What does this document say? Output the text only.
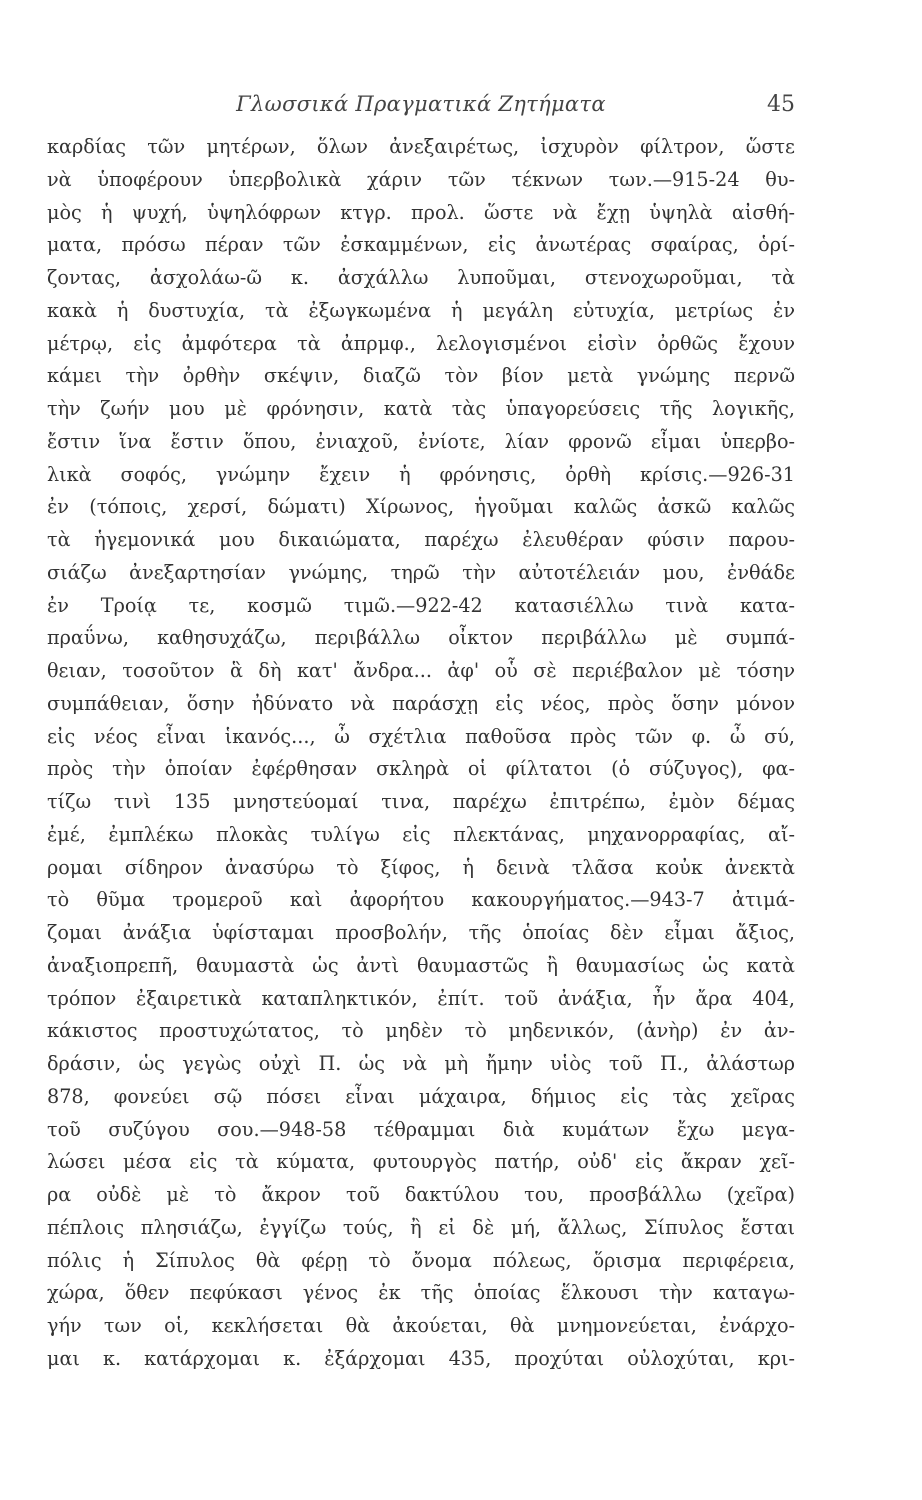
Γλωσσικά Πραγματικά Ζητήματα	45
καρδίας τῶν μητέρων, ὅλων ἀνεξαιρέτως, ἰσχυρὸν φίλτρον, ὥστε
νὰ ὑποφέρουν ὑπερβολικὰ χάριν τῶν τέκνων των.—915-24 θυ-
μὸς ἡ ψυχή, ὑψηλόφρων κτγρ. προλ. ὥστε νὰ ἔχῃ ὑψηλὰ αἰσθή-
ματα, πρόσω πέραν τῶν ἐσκαμμένων, εἰς ἀνωτέρας σφαίρας, ὁρί-
ζοντας, ἀσχολάω-ῶ κ. ἀσχάλλω λυποῦμαι, στενοχωροῦμαι, τὰ
κακὰ ἡ δυστυχία, τὰ ἐξωγκωμένα ἡ μεγάλη εὐτυχία, μετρίως ἐν
μέτρῳ, εἰς ἀμφότερα τὰ ἀπρμφ., λελογισμένοι εἰσὶν ὀρθῶς ἔχουν
κάμει τὴν ὀρθὴν σκέψιν, διαζῶ τὸν βίον μετὰ γνώμης περνῶ
τὴν ζωήν μου μὲ φρόνησιν, κατὰ τὰς ὑπαγορεύσεις τῆς λογικῆς,
ἔστιν ἵνα ἔστιν ὅπου, ἐνιαχοῦ, ἐνίοτε, λίαν φρονῶ εἶμαι ὑπερβο-
λικὰ σοφός, γνώμην ἔχειν ἡ φρόνησις, ὀρθὴ κρίσις.—926-31
ἐν (τόποις, χερσί, δώματι) Χίρωνος, ἡγοῦμαι καλῶς ἀσκῶ καλῶς
τὰ ἡγεμονικά μου δικαιώματα, παρέχω ἐλευθέραν φύσιν παρου-
σιάζω ἀνεξαρτησίαν γνώμης, τηρῶ τὴν αὐτοτέλειάν μου, ἐνθάδε
ἐν Τροίᾳ τε, κοσμῶ τιμῶ.—922-42 κατασιέλλω τινὰ κατα-
πραΰνω, καθησυχάζω, περιβάλλω οἶκτον περιβάλλω μὲ συμπά-
θειαν, τοσοῦτον ἃ δὴ κατ' ἄνδρα... ἀφ' οὗ σὲ περιέβαλον μὲ τόσην
συμπάθειαν, ὅσην ἠδύνατο νὰ παράσχῃ εἰς νέος, πρὸς ὅσην μόνον
εἰς νέος εἶναι ἱκανός..., ὦ σχέτλια παθοῦσα πρὸς τῶν φ. ὦ σύ,
πρὸς τὴν ὁποίαν ἐφέρθησαν σκληρὰ οἱ φίλτατοι (ὁ σύζυγος), φα-
τίζω τινὶ 135 μνηστεύομαί τινα, παρέχω ἐπιτρέπω, ἐμὸν δέμας
ἐμέ, ἐμπλέκω πλοκὰς τυλίγω εἰς πλεκτάνας, μηχανορραφίας, αἴ-
ρομαι σίδηρον ἀνασύρω τὸ ξίφος, ἡ δεινὰ τλᾶσα κοὐκ ἀνεκτὰ
τὸ θῦμα τρομεροῦ καὶ ἀφορήτου κακουργήματος.—943-7 ἀτιμά-
ζομαι ἀνάξια ὑφίσταμαι προσβολήν, τῆς ὁποίας δὲν εἶμαι ἄξιος,
ἀναξιοπρεπῆ, θαυμαστὰ ὡς ἀντὶ θαυμαστῶς ἢ θαυμασίως ὡς κατὰ
τρόπον ἐξαιρετικὰ καταπληκτικόν, ἐπίτ. τοῦ ἀνάξια, ἦν ἄρα 404,
κάκιστος προστυχώτατος, τὸ μηδὲν τὸ μηδενικόν, (ἀνὴρ) ἐν ἀν-
δράσιν, ὡς γεγὼς οὐχὶ Π. ὡς νὰ μὴ ἤμην υἱὸς τοῦ Π., ἀλάστωρ
878, φονεύει σῷ πόσει εἶναι μάχαιρα, δήμιος εἰς τὰς χεῖρας
τοῦ συζύγου σου.—948-58 τέθραμμαι διὰ κυμάτων ἔχω μεγα-
λώσει μέσα εἰς τὰ κύματα, φυτουργὸς πατήρ, οὐδ' εἰς ἄκραν χεῖ-
ρα οὐδὲ μὲ τὸ ἄκρον τοῦ δακτύλου του, προσβάλλω (χεῖρα)
πέπλοις πλησιάζω, ἐγγίζω τούς, ἢ εἰ δὲ μή, ἄλλως, Σίπυλος ἔσται
πόλις ἡ Σίπυλος θὰ φέρῃ τὸ ὄνομα πόλεως, ὅρισμα περιφέρεια,
χώρα, ὅθεν πεφύκασι γένος ἐκ τῆς ὁποίας ἕλκουσι τὴν καταγω-
γήν των οἱ, κεκλήσεται θὰ ἀκούεται, θὰ μνημονεύεται, ἐνάρχο-
μαι κ. κατάρχομαι κ. ἐξάρχομαι 435, προχύται οὐλοχύται, κρι-
